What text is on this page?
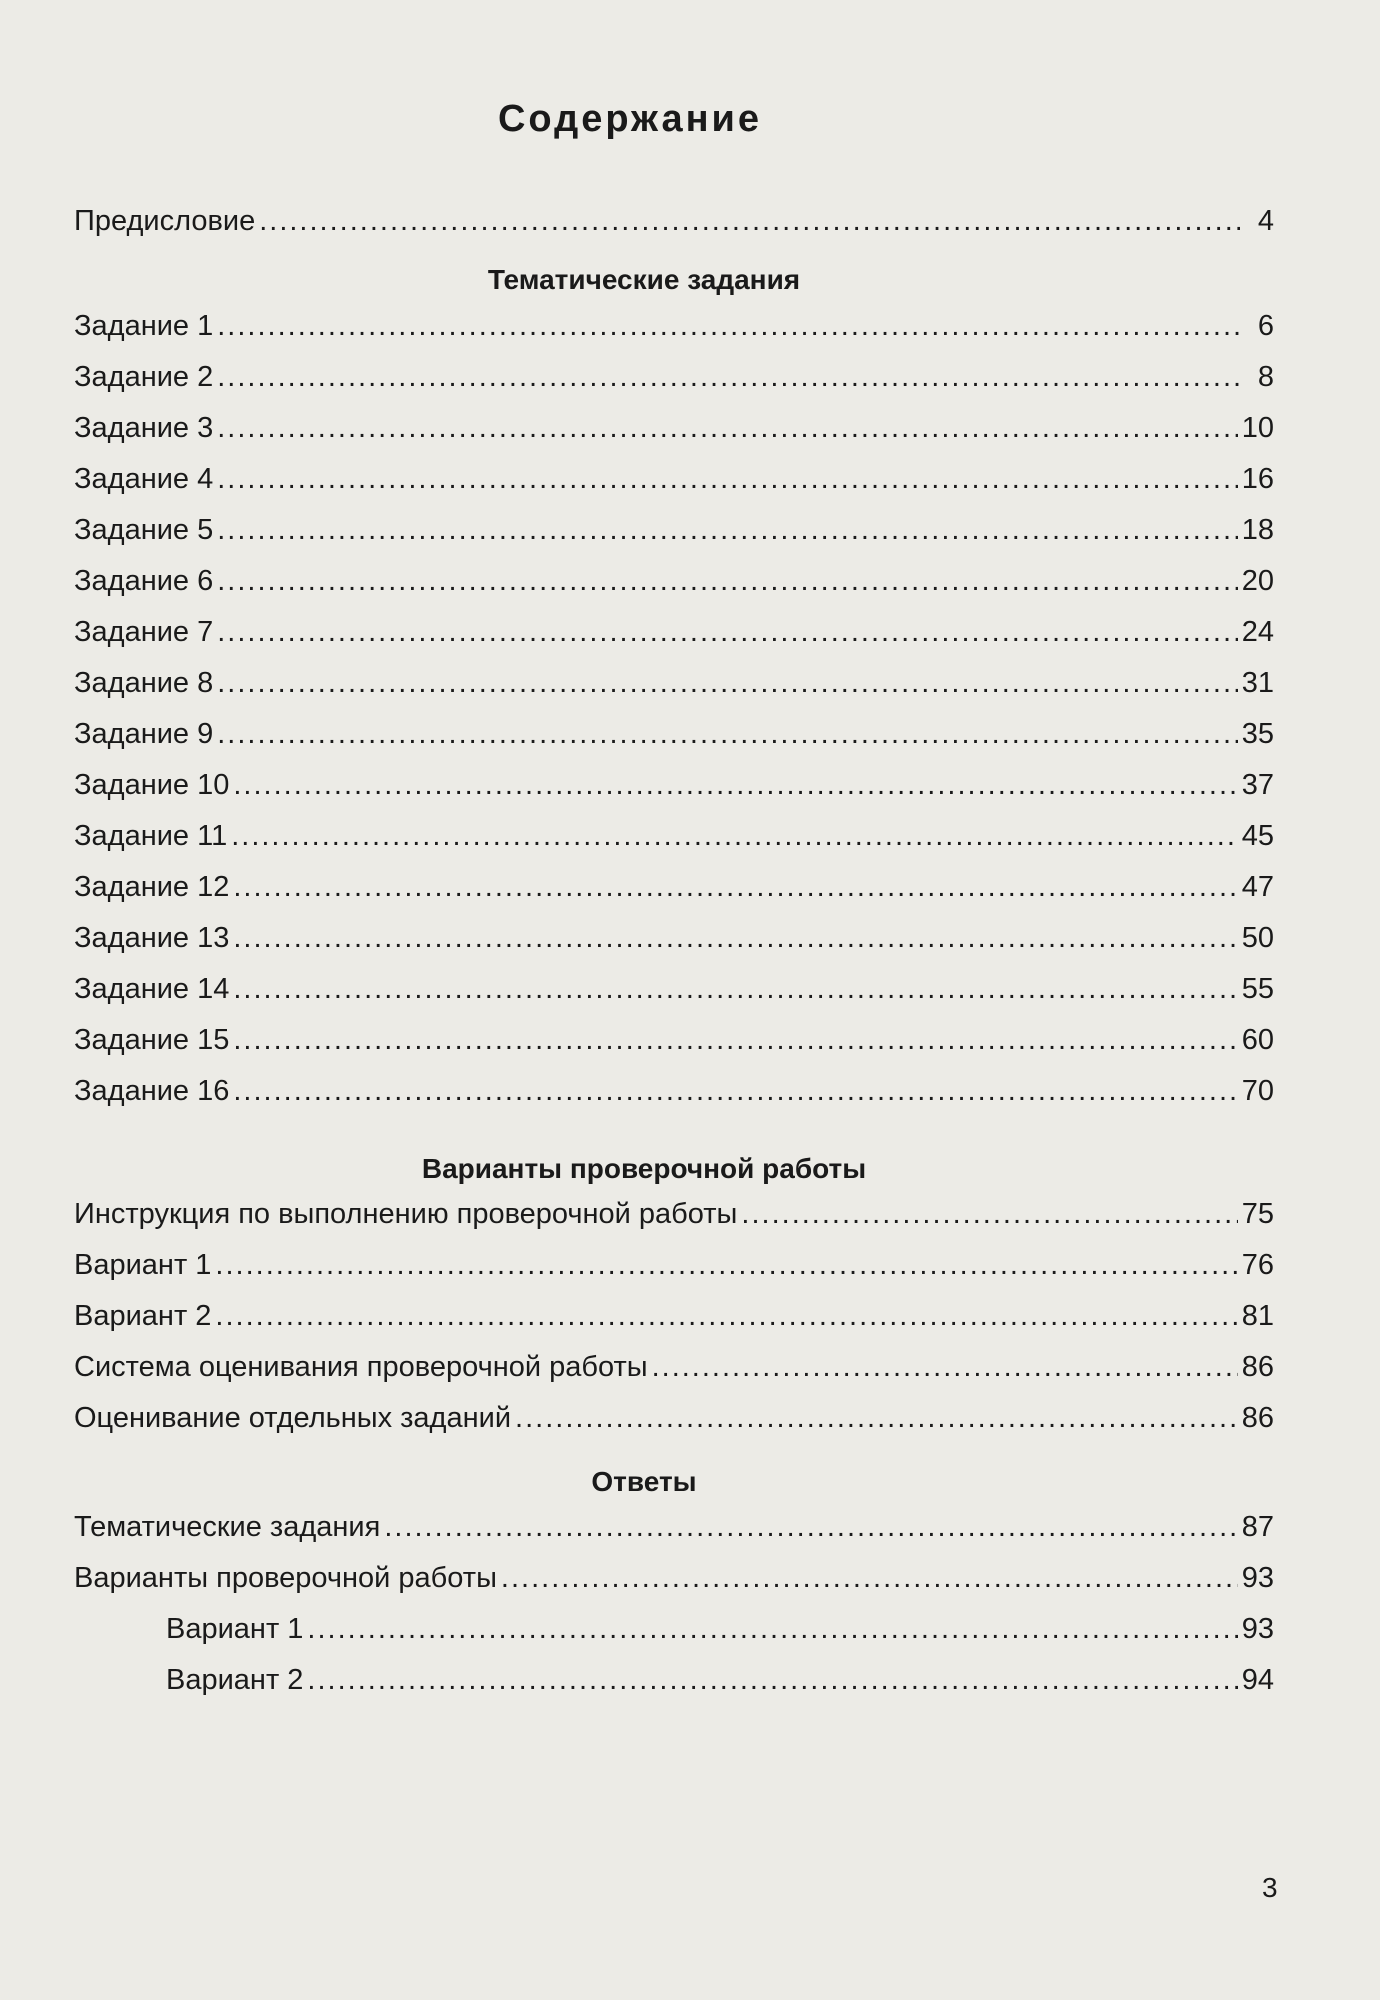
Содержание
Предисловие .....	4
Тематические задания
Задание 1 .....	6
Задание 2 .....	8
Задание 3 .....	10
Задание 4 .....	16
Задание 5 .....	18
Задание 6 .....	20
Задание 7 .....	24
Задание 8 .....	31
Задание 9 .....	35
Задание 10 .....	37
Задание 11 .....	45
Задание 12 .....	47
Задание 13 .....	50
Задание 14 .....	55
Задание 15 .....	60
Задание 16 .....	70
Варианты проверочной работы
Инструкция по выполнению проверочной работы .....	75
Вариант 1 .....	76
Вариант 2 .....	81
Система оценивания проверочной работы .....	86
Оценивание отдельных заданий .....	86
Ответы
Тематические задания .....	87
Варианты проверочной работы .....	93
Вариант 1 .....	93
Вариант 2 .....	94
3
